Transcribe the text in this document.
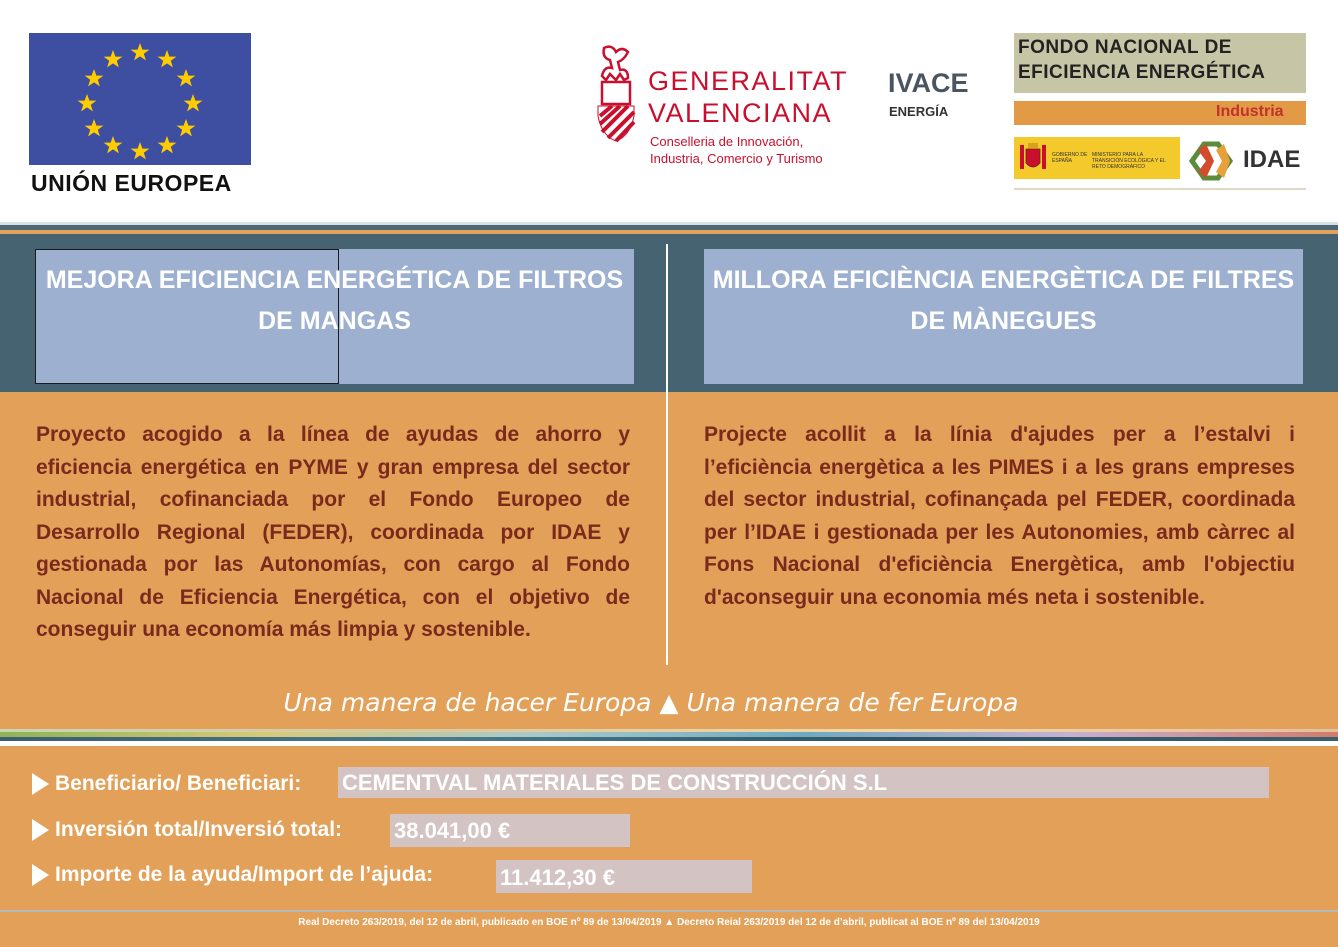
UNIÓN EUROPEA
GENERALITAT
VALENCIANA
Conselleria de Innovación,
Industria, Comercio y Turismo
IVACE
ENERGÍA
FONDO NACIONAL DE
EFICIENCIA ENERGÉTICA
Industria
GOBIERNO DE ESPAÑA
MINISTERIO PARA LA TRANSICIÓN ECOLÓGICA Y EL RETO DEMOGRÁFICO	IDAE
MEJORA EFICIENCIA ENERGÉTICA DE FILTROS DE MANGAS
MILLORA EFICIÈNCIA ENERGÈTICA DE FILTRES DE MÀNEGUES
Proyecto acogido a la línea de ayudas de ahorro y eficiencia energética en PYME y gran empresa del sector industrial, cofinanciada por el Fondo Europeo de Desarrollo Regional (FEDER), coordinada por IDAE y gestionada por las Autonomías, con cargo al Fondo Nacional de Eficiencia Energética, con el objetivo de conseguir una economía más limpia y sostenible.
Projecte acollit a la línia d'ajudes per a l’estalvi i l’eficiència energètica a les PIMES i a les grans empreses del sector industrial, cofinançada pel FEDER, coordinada per l’IDAE i gestionada per les Autonomies, amb càrrec al Fons Nacional d'eficiència Energètica, amb l'objectiu d'aconseguir una economia més neta i sostenible.
Una manera de hacer Europa ▲ Una manera de fer Europa
Beneficiario/ Beneficiari: CEMENTVAL MATERIALES DE CONSTRUCCIÓN S.L
Inversión total/Inversió total: 38.041,00 €
Importe de la ayuda/Import de l’ajuda:	11.412,30 €
Real Decreto 263/2019, del 12 de abril, publicado en BOE nº 89 de 13/04/2019 ▲ Decreto Reial 263/2019 del 12 de d’abril, publicat al BOE nº 89 del 13/04/2019
